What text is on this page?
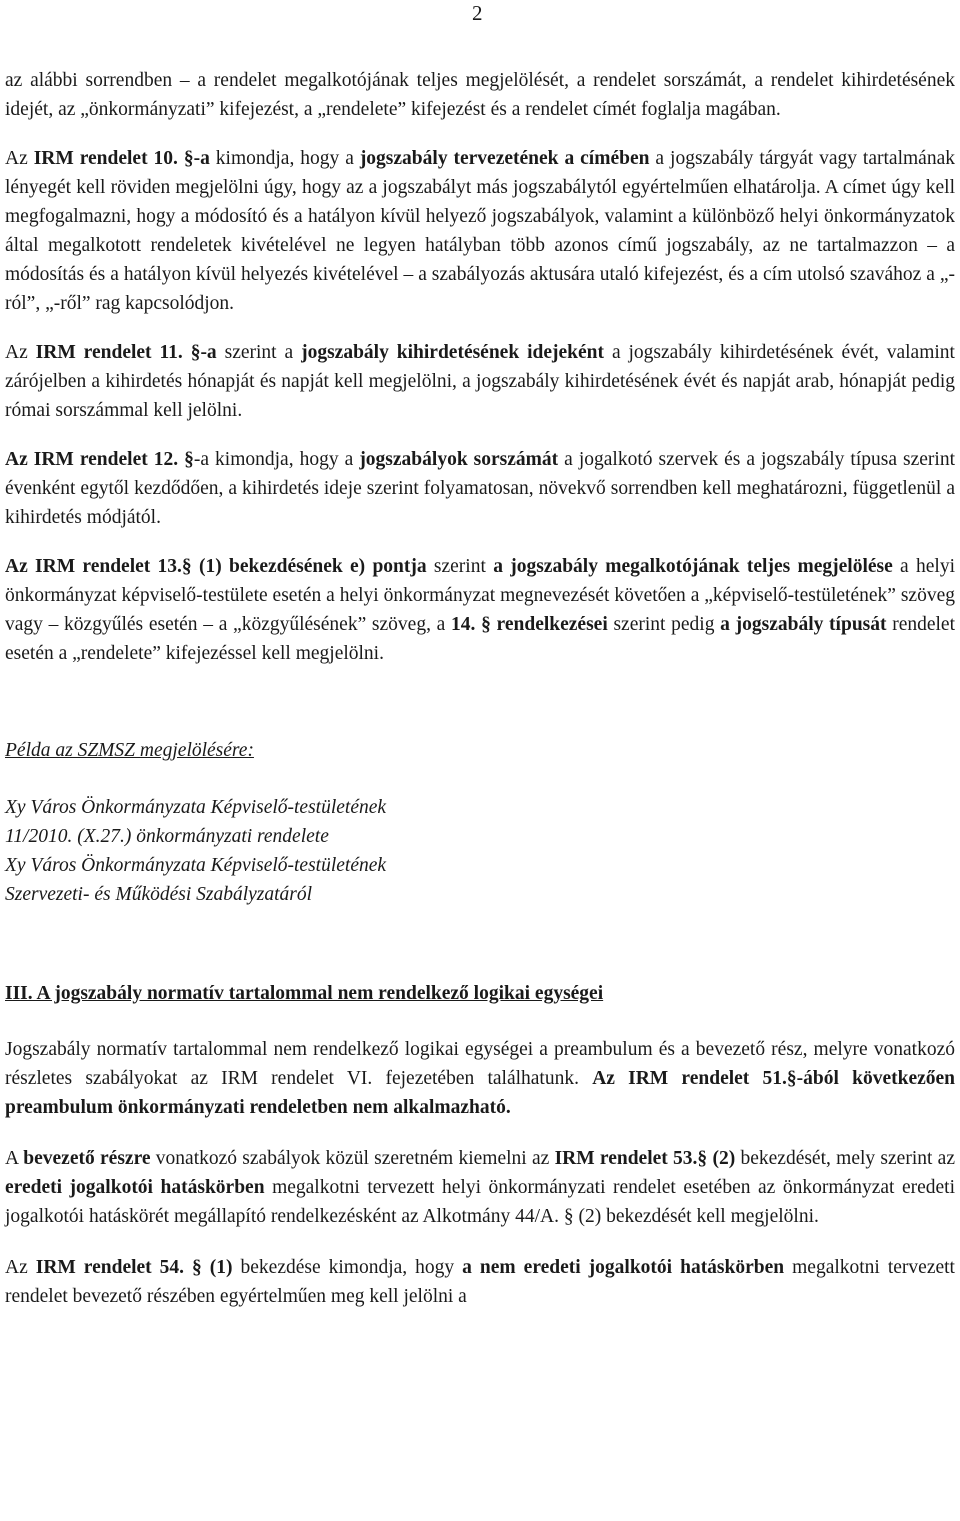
2

az alábbi sorrendben – a rendelet megalkotójának teljes megjelölését, a rendelet sorszámát, a rendelet kihirdetésének idejét, az „önkormányzati” kifejezést, a „rendelete” kifejezést és a rendelet címét foglalja magában.

Az IRM rendelet 10. §-a kimondja, hogy a jogszabály tervezetének a címében a jogszabály tárgyát vagy tartalmának lényegét kell röviden megjelölni úgy, hogy az a jogszabályt más jogszabálytól egyértelműen elhatárolja. A címet úgy kell megfogalmazni, hogy a módosító és a hatályon kívül helyező jogszabályok, valamint a különböző helyi önkormányzatok által megalkotott rendeletek kivételével ne legyen hatályban több azonos című jogszabály, az ne tartalmazzon – a módosítás és a hatályon kívül helyezés kivételével – a szabályozás aktusára utaló kifejezést, és a cím utolsó szavához a „-ról”, „-ről” rag kapcsolódjon.

Az IRM rendelet 11. §-a szerint a jogszabály kihirdetésének idejeként a jogszabály kihirdetésének évét, valamint zárójelben a kihirdetés hónapját és napját kell megjelölni, a jogszabály kihirdetésének évét és napját arab, hónapját pedig római sorszámmal kell jelölni.

Az IRM rendelet 12. §-a kimondja, hogy a jogszabályok sorszámát a jogalkotó szervek és a jogszabály típusa szerint évenként egytől kezdődően, a kihirdetés ideje szerint folyamatosan, növekvő sorrendben kell meghatározni, függetlenül a kihirdetés módjától.

Az IRM rendelet 13.§ (1) bekezdésének e) pontja szerint a jogszabály megalkotójának teljes megjelölése a helyi önkormányzat képviselő-testülete esetén a helyi önkormányzat megnevezését követően a „képviselő-testületének” szöveg vagy – közgyűlés esetén – a „közgyűlésének” szöveg, a 14. § rendelkezései szerint pedig a jogszabály típusát rendelet esetén a „rendelete” kifejezéssel kell megjelölni.

Példa az SZMSZ megjelölésére:

Xy Város Önkormányzata Képviselő-testületének

11/2010. (X.27.) önkormányzati rendelete

Xy Város Önkormányzata Képviselő-testületének

Szervezeti- és Működési Szabályzatáról

III. A jogszabály normatív tartalommal nem rendelkező logikai egységei

Jogszabály normatív tartalommal nem rendelkező logikai egységei a preambulum és a bevezető rész, melyre vonatkozó részletes szabályokat az IRM rendelet VI. fejezetében találhatunk. Az IRM rendelet 51.§-ából következően preambulum önkormányzati rendeletben nem alkalmazható.

A bevezető részre vonatkozó szabályok közül szeretném kiemelni az IRM rendelet 53.§ (2) bekezdését, mely szerint az eredeti jogalkotói hatáskörben megalkotni tervezett helyi önkormányzati rendelet esetében az önkormányzat eredeti jogalkotói hatáskörét megállapító rendelkezésként az Alkotmány 44/A. § (2) bekezdését kell megjelölni.

Az IRM rendelet 54. § (1) bekezdése kimondja, hogy a nem eredeti jogalkotói hatáskörben megalkotni tervezett rendelet bevezető részében egyértelműen meg kell jelölni a
